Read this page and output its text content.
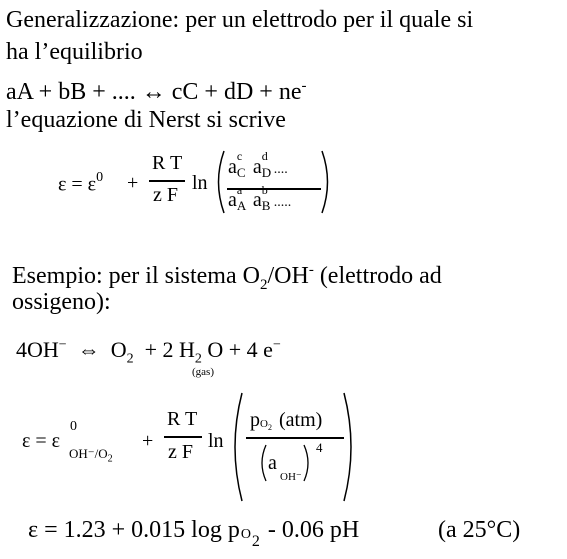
Generalizzazione: per un elettrodo per il quale si
ha l’equilibrio
aA + bB + .... ↔ cC + dD + ne-
l’equazione di Nerst si scrive
$\varepsilon = \varepsilon^0$ +
R T
z F
ln
a c
C a d
D ....
a a
A a b
B .....
Esempio: per il sistema $O_2/OH^-$ (elettrodo ad
ossigeno):
4OH− ⇔ $O_2 + 2$ $H_2$ O + 4 e−
(gas)
ε = ε
0
$OH^-/O_2$
+
R T
z F ln
p $O_2$ (atm)
a
OH⁻
4
ε = 1.23 + 0.015 log p O 2 - 0.06 pH	(a 25°C)
